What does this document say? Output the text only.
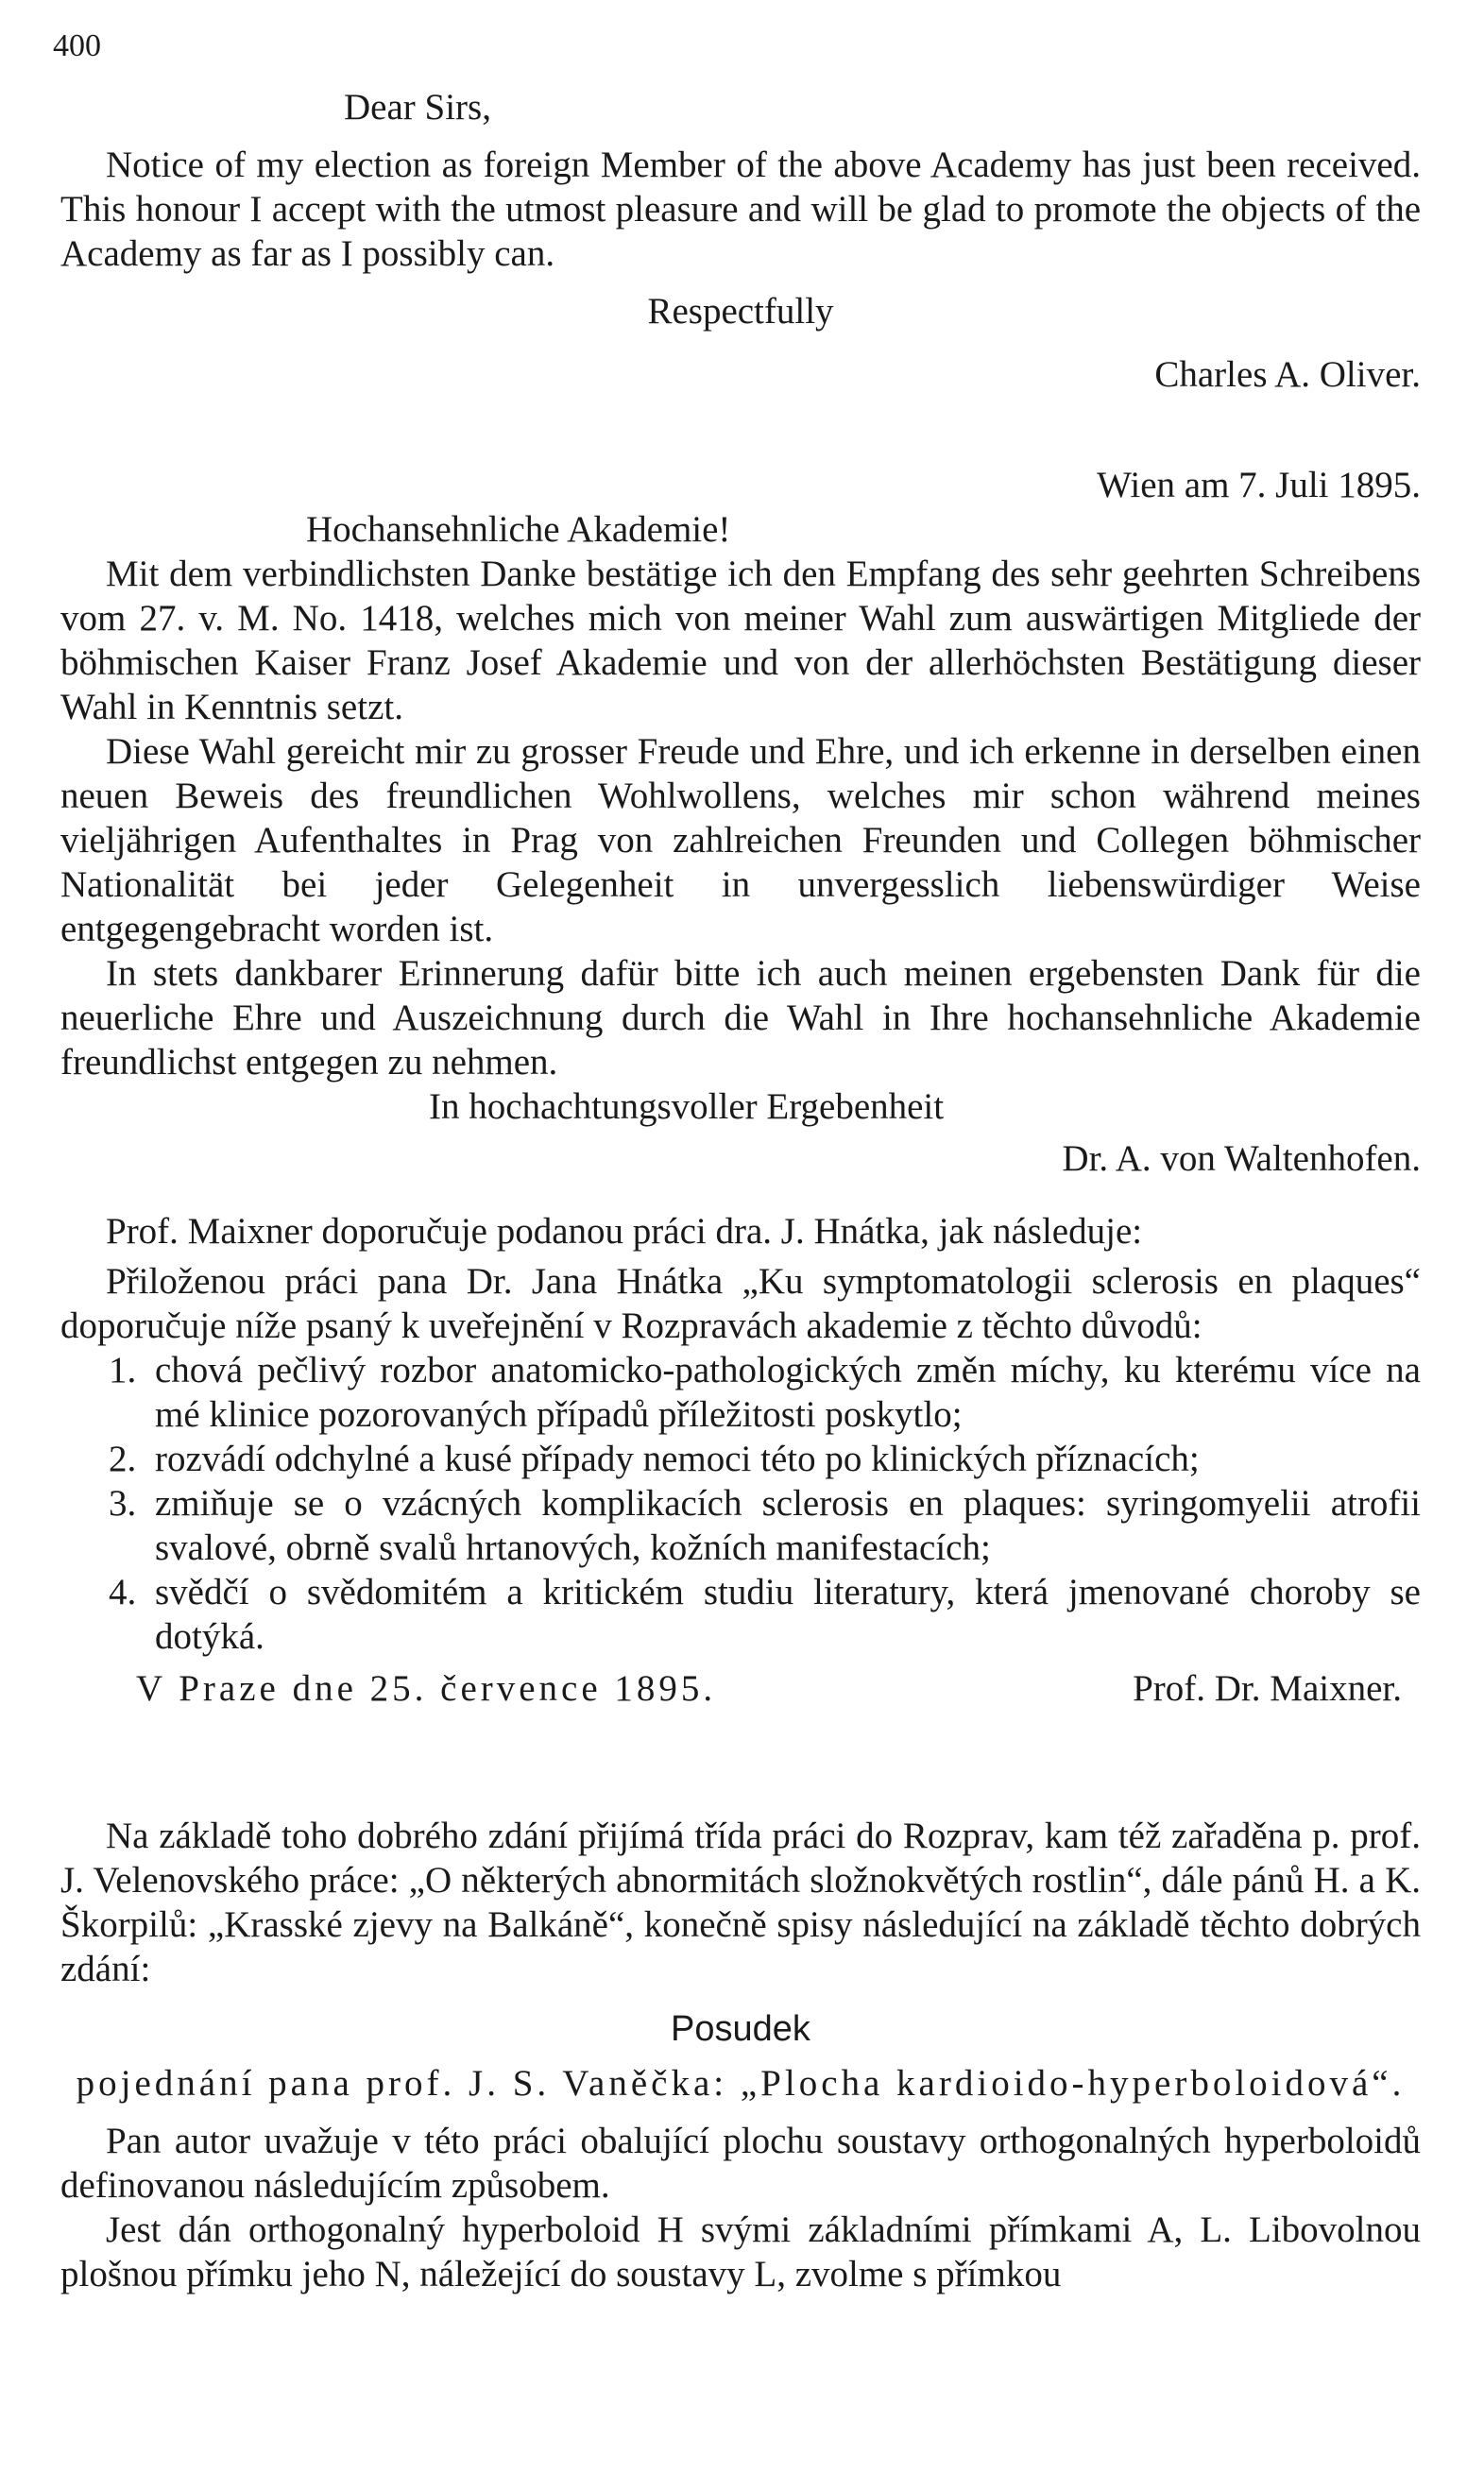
400

Dear Sirs,

Notice of my election as foreign Member of the above Academy has just been received. This honour I accept with the utmost pleasure and will be glad to promote the objects of the Academy as far as I possibly can.

Respectfully

Charles A. Oliver.

Wien am 7. Juli 1895.

Hochansehnliche Akademie!

Mit dem verbindlichsten Danke bestätige ich den Empfang des sehr geehrten Schreibens vom 27. v. M. No. 1418, welches mich von meiner Wahl zum auswärtigen Mitgliede der böhmischen Kaiser Franz Josef Akademie und von der allerhöchsten Bestätigung dieser Wahl in Kenntnis setzt.

Diese Wahl gereicht mir zu grosser Freude und Ehre, und ich erkenne in derselben einen neuen Beweis des freundlichen Wohlwollens, welches mir schon während meines vieljährigen Aufenthaltes in Prag von zahlreichen Freunden und Collegen böhmischer Nationalität bei jeder Gelegenheit in unvergesslich liebenswürdiger Weise entgegengebracht worden ist.

In stets dankbarer Erinnerung dafür bitte ich auch meinen ergebensten Dank für die neuerliche Ehre und Auszeichnung durch die Wahl in Ihre hochansehnliche Akademie freundlichst entgegen zu nehmen.

In hochachtungsvoller Ergebenheit

Dr. A. von Waltenhofen.

Prof. Maixner doporučuje podanou práci dra. J. Hnátka, jak následuje:

Přiloženou práci pana Dr. Jana Hnátka „Ku symptomatologii sclerosis en plaques“ doporučuje níže psaný k uveřejnění v Rozpravách akademie z těchto důvodů:

1. chová pečlivý rozbor anatomicko-pathologických změn míchy, ku kterému více na mé klinice pozorovaných případů příležitosti poskytlo;
2. rozvádí odchylné a kusé případy nemoci této po klinických příznacích;
3. zmiňuje se o vzácných komplikacích sclerosis en plaques: syringomyelii atrofii svalové, obrně svalů hrtanových, kožních manifestacích;
4. svědčí o svědomitém a kritickém studiu literatury, která jmenované choroby se dotýká.
V Praze dne 25. července 1895.	Prof. Dr. Maixner.

Na základě toho dobrého zdání přijímá třída práci do Rozprav, kam též zařaděna p. prof. J. Velenovského práce: „O některých abnormitách složnokvětých rostlin“, dále pánů H. a K. Škorpilů: „Krasské zjevy na Balkáně“, konečně spisy následující na základě těchto dobrých zdání:

Posudek

pojednání pana prof. J. S. Vaněčka: „Plocha kardioido-hyperboloidová“.

Pan autor uvažuje v této práci obalující plochu soustavy orthogonalných hyperboloidů definovanou následujícím způsobem.

Jest dán orthogonalný hyperboloid H svými základními přímkami A, L. Libovolnou plošnou přímku jeho N, náležející do soustavy L, zvolme s přímkou
